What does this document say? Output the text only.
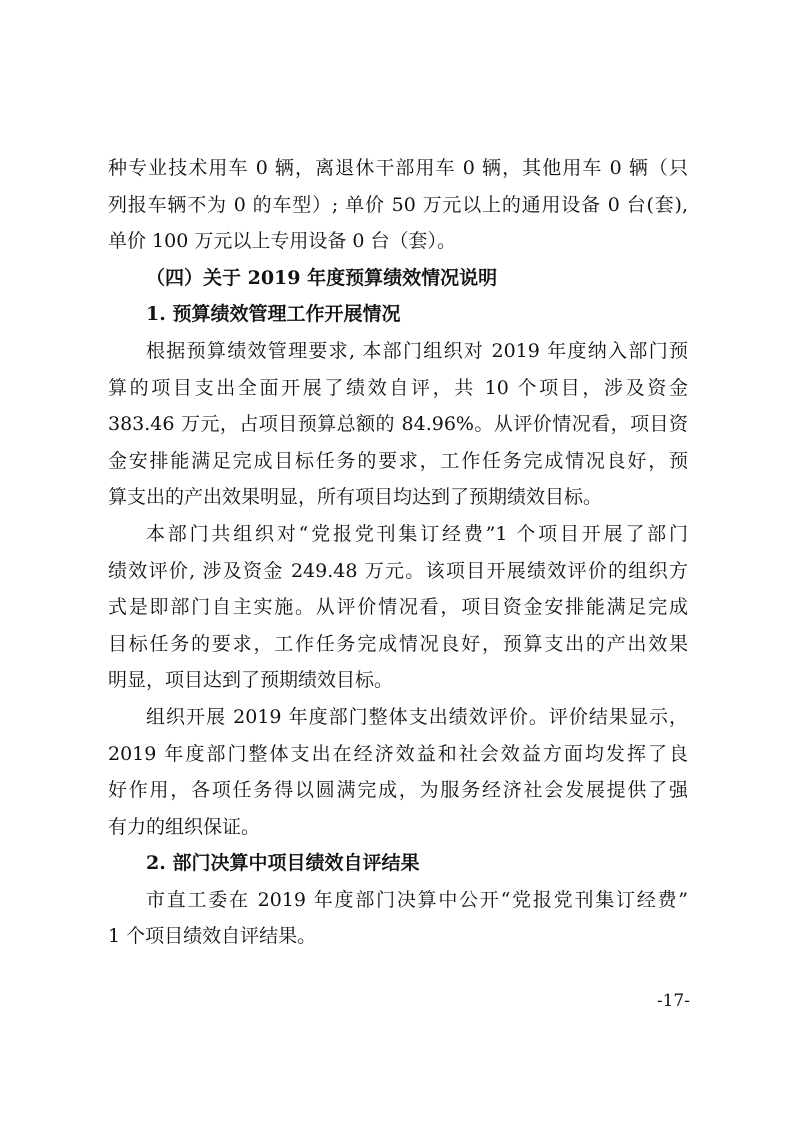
种专业技术用车 0 辆，离退休干部用车 0 辆，其他用车 0 辆（只
列报车辆不为 0 的车型）; 单价 50 万元以上的通用设备 0 台(套),
单价 100 万元以上专用设备 0 台（套）。
（四）关于 2019 年度预算绩效情况说明
1. 预算绩效管理工作开展情况
根据预算绩效管理要求, 本部门组织对 2019 年度纳入部门预
算的项目支出全面开展了绩效自评，共 10 个项目，涉及资金
383.46 万元，占项目预算总额的 84.96%。从评价情况看，项目资
金安排能满足完成目标任务的要求，工作任务完成情况良好，预
算支出的产出效果明显，所有项目均达到了预期绩效目标。
本部门共组织对“党报党刊集订经费”1 个项目开展了部门
绩效评价, 涉及资金 249.48 万元。该项目开展绩效评价的组织方
式是即部门自主实施。从评价情况看，项目资金安排能满足完成
目标任务的要求，工作任务完成情况良好，预算支出的产出效果
明显，项目达到了预期绩效目标。
组织开展 2019 年度部门整体支出绩效评价。评价结果显示，
2019 年度部门整体支出在经济效益和社会效益方面均发挥了良
好作用，各项任务得以圆满完成，为服务经济社会发展提供了强
有力的组织保证。
2. 部门决算中项目绩效自评结果
市直工委在 2019 年度部门决算中公开“党报党刊集订经费”
1 个项目绩效自评结果。
-17-
